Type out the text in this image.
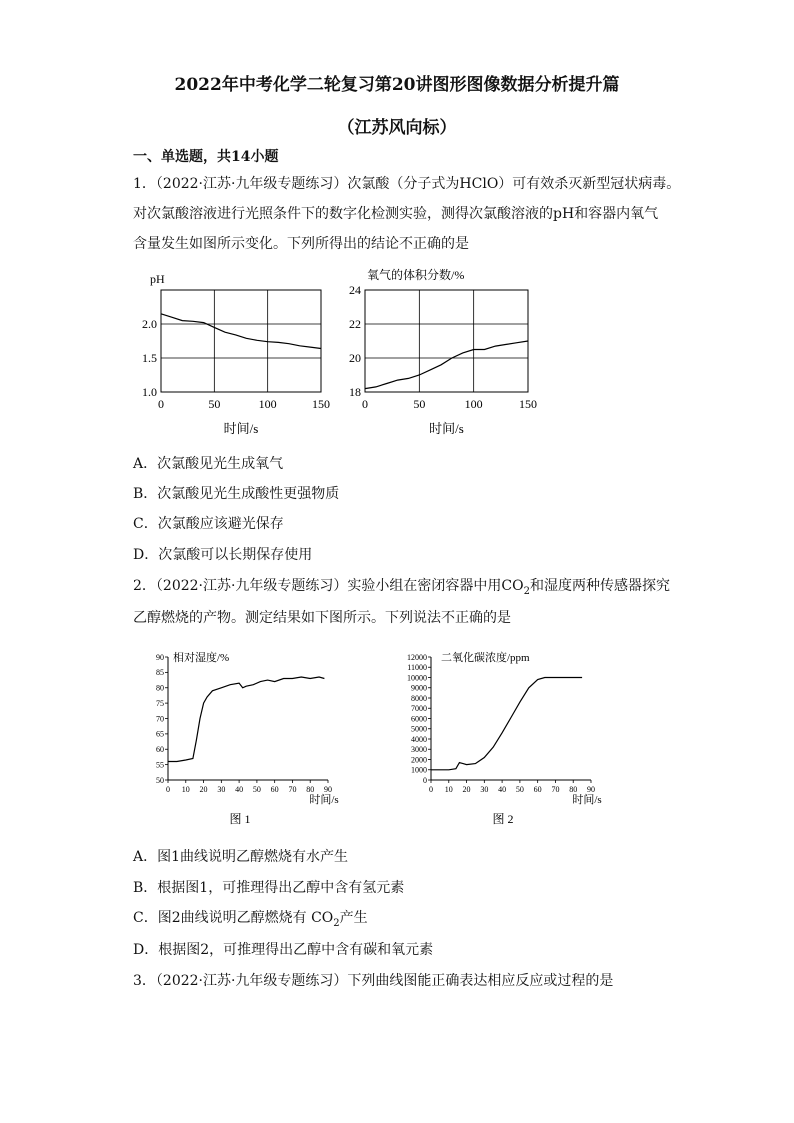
2022年中考化学二轮复习第20讲图形图像数据分析提升篇
（江苏风向标）
一、单选题，共14小题
1．（2022·江苏·九年级专题练习）次氯酸（分子式为HClO）可有效杀灭新型冠状病毒。
对次氯酸溶液进行光照条件下的数字化检测实验，测得次氯酸溶液的pH和容器内氧气
含量发生如图所示变化。下列所得出的结论不正确的是
pH
1.0
1.5
2.0
0	50	100	150
时间/s
氧气的体积分数/%
18
20
22
24
0	50	100	150
时间/s
A．次氯酸见光生成氧气
B．次氯酸见光生成酸性更强物质
C．次氯酸应该避光保存
D．次氯酸可以长期保存使用
2．（2022·江苏·九年级专题练习）实验小组在密闭容器中用$CO_2$和湿度两种传感器探究
乙醇燃烧的产物。测定结果如下图所示。下列说法不正确的是
相对湿度/%
50
55
60
65
70
75
80
85
90
0 10 20 30 40 50 60 70 80 90
时间/s
图 1
二氧化碳浓度/ppm
0
1000
2000
3000
4000
5000
6000
7000
8000
9000
10000
11000
12000
0 10 20 30 40 50 60 70 80 90
时间/s
图 2
A．图1曲线说明乙醇燃烧有水产生
B．根据图1，可推理得出乙醇中含有氢元素
C．图2曲线说明乙醇燃烧有 $CO_2$产生
D．根据图2，可推理得出乙醇中含有碳和氧元素
3．（2022·江苏·九年级专题练习）下列曲线图能正确表达相应反应或过程的是
